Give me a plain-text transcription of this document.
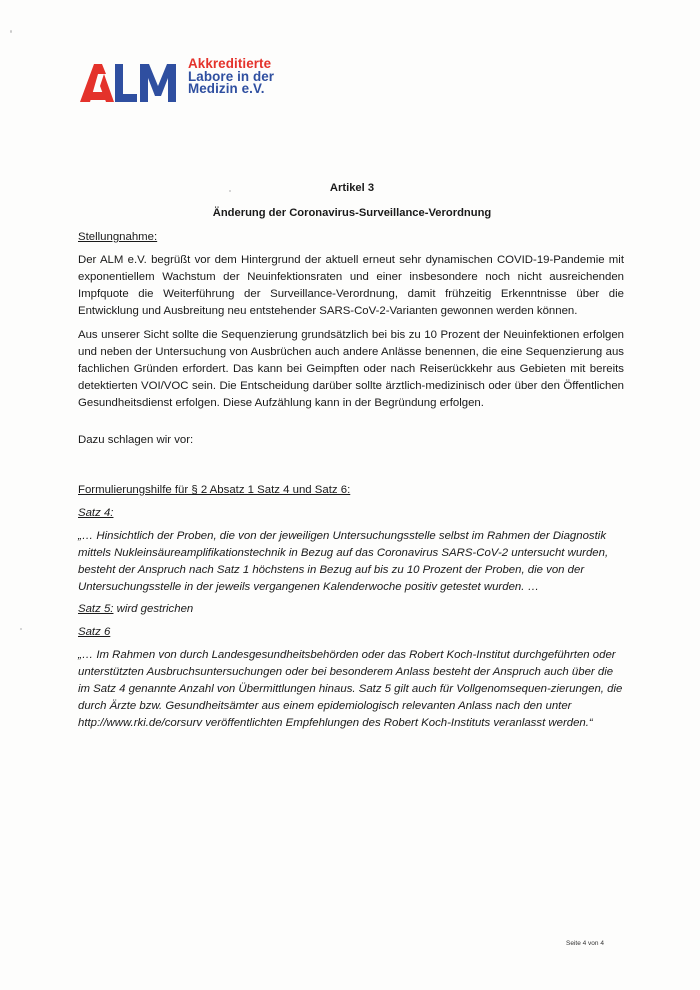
Akkreditierte
Labore in der
Medizin e.V.
Artikel 3
Änderung der Coronavirus-Surveillance-Verordnung
Stellungnahme:
Der ALM e.V. begrüßt vor dem Hintergrund der aktuell erneut sehr dynamischen COVID-19-Pandemie mit exponentiellem Wachstum der Neuinfektionsraten und einer insbesondere noch nicht ausreichenden Impfquote die Weiterführung der Surveillance-Verordnung, damit frühzeitig Erkenntnisse über die Entwicklung und Ausbreitung neu entstehender SARS-CoV-2-Varianten gewonnen werden können.
Aus unserer Sicht sollte die Sequenzierung grundsätzlich bei bis zu 10 Prozent der Neuinfektionen erfolgen und neben der Untersuchung von Ausbrüchen auch andere Anlässe benennen, die eine Sequenzierung aus fachlichen Gründen erfordert. Das kann bei Geimpften oder nach Reiserückkehr aus Gebieten mit bereits detektierten VOI/VOC sein. Die Entscheidung darüber sollte ärztlich-medizinisch oder über den Öffentlichen Gesundheitsdienst erfolgen. Diese Aufzählung kann in der Begründung erfolgen.
Dazu schlagen wir vor:
Formulierungshilfe für § 2 Absatz 1 Satz 4 und Satz 6:
Satz 4:
„… Hinsichtlich der Proben, die von der jeweiligen Untersuchungsstelle selbst im Rahmen der Diagnostik mittels Nukleinsäureamplifikationstechnik in Bezug auf das Coronavirus SARS-CoV-2 untersucht wurden, besteht der Anspruch nach Satz 1 höchstens in Bezug auf bis zu 10 Prozent der Proben, die von der Untersuchungsstelle in der jeweils vergangenen Kalenderwoche positiv getestet wurden. …
Satz 5: wird gestrichen
Satz 6
„… Im Rahmen von durch Landesgesundheitsbehörden oder das Robert Koch-Institut durchgeführten oder unterstützten Ausbruchsuntersuchungen oder bei besonderem Anlass besteht der Anspruch auch über die im Satz 4 genannte Anzahl von Übermittlungen hinaus. Satz 5 gilt auch für Vollgenomsequen-zierungen, die durch Ärzte bzw. Gesundheitsämter aus einem epidemiologisch relevanten Anlass nach den unter http://www.rki.de/corsurv veröffentlichten Empfehlungen des Robert Koch-Instituts veranlasst werden.“
Seite 4 von 4
